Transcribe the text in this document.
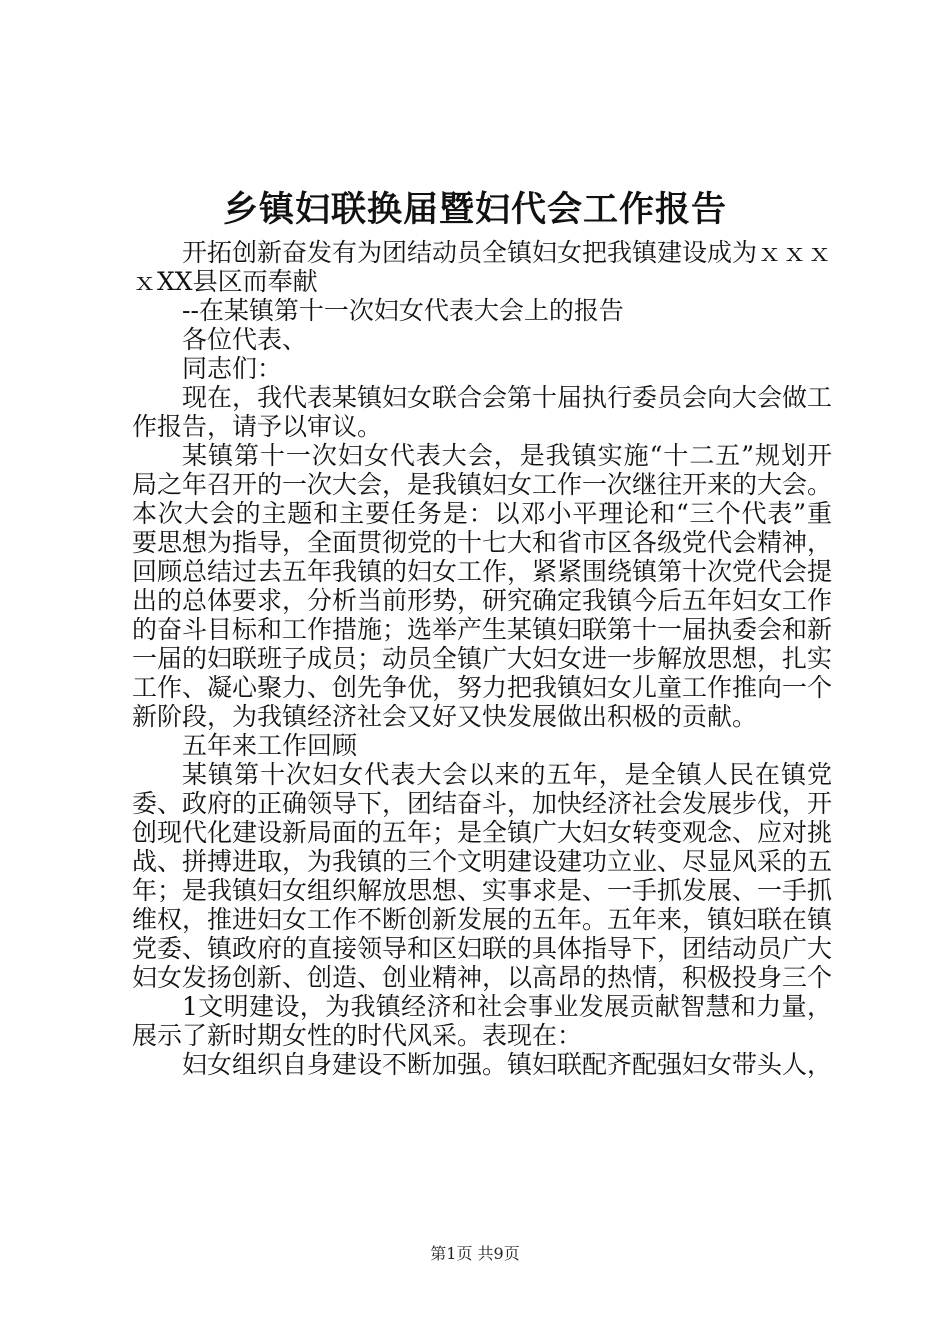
乡镇妇联换届暨妇代会工作报告

开拓创新奋发有为团结动员全镇妇女把我镇建设成为ｘｘｘｘXX县区而奉献

--在某镇第十一次妇女代表大会上的报告

各位代表、

同志们：

现在，我代表某镇妇女联合会第十届执行委员会向大会做工作报告，请予以审议。

某镇第十一次妇女代表大会，是我镇实施“十二五”规划开局之年召开的一次大会，是我镇妇女工作一次继往开来的大会。本次大会的主题和主要任务是：以邓小平理论和“三个代表”重要思想为指导，全面贯彻党的十七大和省市区各级党代会精神，回顾总结过去五年我镇的妇女工作，紧紧围绕镇第十次党代会提出的总体要求，分析当前形势，研究确定我镇今后五年妇女工作的奋斗目标和工作措施；选举产生某镇妇联第十一届执委会和新一届的妇联班子成员；动员全镇广大妇女进一步解放思想，扎实工作、凝心聚力、创先争优，努力把我镇妇女儿童工作推向一个新阶段，为我镇经济社会又好又快发展做出积极的贡献。

五年来工作回顾

某镇第十次妇女代表大会以来的五年，是全镇人民在镇党委、政府的正确领导下，团结奋斗，加快经济社会发展步伐，开创现代化建设新局面的五年；是全镇广大妇女转变观念、应对挑战、拼搏进取，为我镇的三个文明建设建功立业、尽显风采的五年；是我镇妇女组织解放思想、实事求是、一手抓发展、一手抓维权，推进妇女工作不断创新发展的五年。五年来，镇妇联在镇党委、镇政府的直接领导和区妇联的具体指导下，团结动员广大妇女发扬创新、创造、创业精神，以高昂的热情，积极投身三个

1文明建设，为我镇经济和社会事业发展贡献智慧和力量，展示了新时期女性的时代风采。表现在：

妇女组织自身建设不断加强。镇妇联配齐配强妇女带头人，

第1页 共9页
